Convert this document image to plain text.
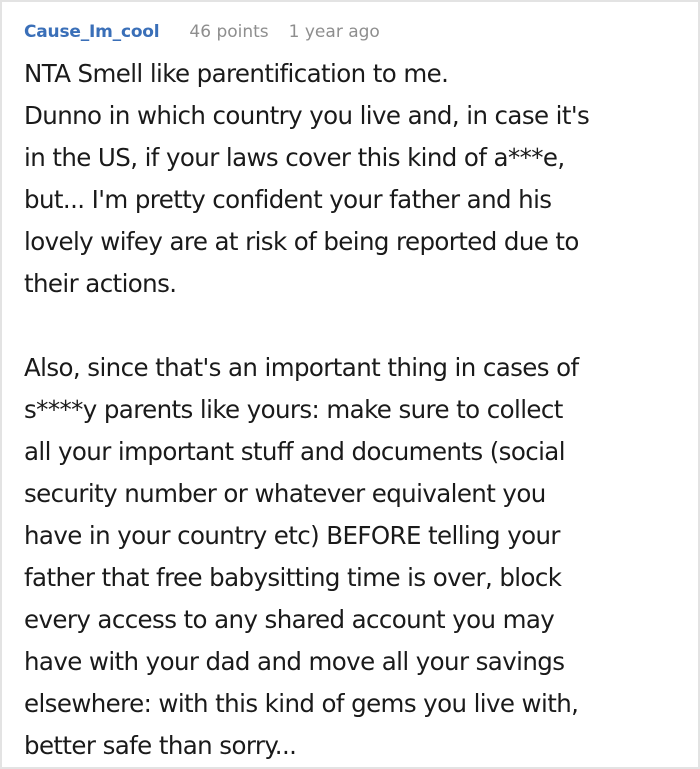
Cause_Im_cool 46 points 1 year ago

NTA Smell like parentification to me.
Dunno in which country you live and, in case it's
in the US, if your laws cover this kind of a***e,
but... I'm pretty confident your father and his
lovely wifey are at risk of being reported due to
their actions.

Also, since that's an important thing in cases of
s****y parents like yours: make sure to collect
all your important stuff and documents (social
security number or whatever equivalent you
have in your country etc) BEFORE telling your
father that free babysitting time is over, block
every access to any shared account you may
have with your dad and move all your savings
elsewhere: with this kind of gems you live with,
better safe than sorry...
